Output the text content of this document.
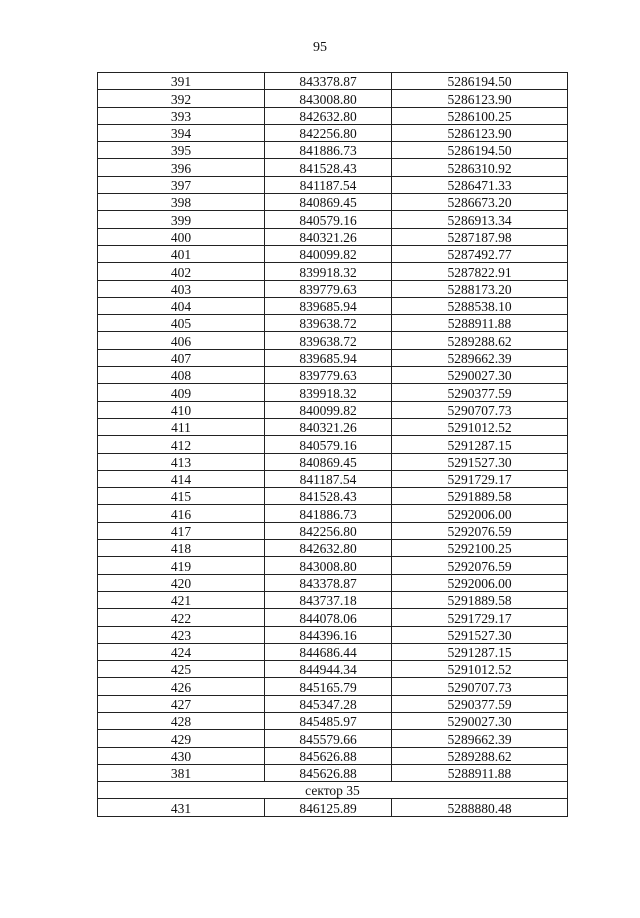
95
391	843378.87	5286194.50
392	843008.80	5286123.90
393	842632.80	5286100.25
394	842256.80	5286123.90
395	841886.73	5286194.50
396	841528.43	5286310.92
397	841187.54	5286471.33
398	840869.45	5286673.20
399	840579.16	5286913.34
400	840321.26	5287187.98
401	840099.82	5287492.77
402	839918.32	5287822.91
403	839779.63	5288173.20
404	839685.94	5288538.10
405	839638.72	5288911.88
406	839638.72	5289288.62
407	839685.94	5289662.39
408	839779.63	5290027.30
409	839918.32	5290377.59
410	840099.82	5290707.73
411	840321.26	5291012.52
412	840579.16	5291287.15
413	840869.45	5291527.30
414	841187.54	5291729.17
415	841528.43	5291889.58
416	841886.73	5292006.00
417	842256.80	5292076.59
418	842632.80	5292100.25
419	843008.80	5292076.59
420	843378.87	5292006.00
421	843737.18	5291889.58
422	844078.06	5291729.17
423	844396.16	5291527.30
424	844686.44	5291287.15
425	844944.34	5291012.52
426	845165.79	5290707.73
427	845347.28	5290377.59
428	845485.97	5290027.30
429	845579.66	5289662.39
430	845626.88	5289288.62
381	845626.88	5288911.88
сектор 35		
431	846125.89	5288880.48
